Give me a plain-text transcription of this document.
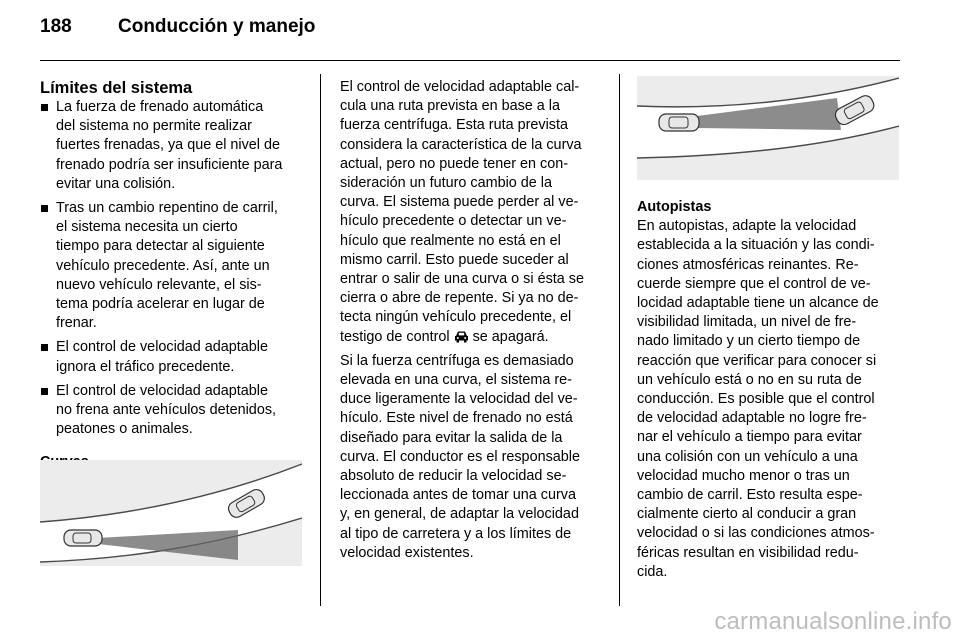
188 Conducción y manejo
Límites del sistema
La fuerza de frenado automática
del sistema no permite realizar
fuertes frenadas, ya que el nivel de
frenado podría ser insuficiente para
evitar una colisión.
Tras un cambio repentino de carril,
el sistema necesita un cierto
tiempo para detectar al siguiente
vehículo precedente. Así, ante un
nuevo vehículo relevante, el sis-
tema podría acelerar en lugar de
frenar.
El control de velocidad adaptable
ignora el tráfico precedente.
El control de velocidad adaptable
no frena ante vehículos detenidos,
peatones o animales.

El control de velocidad adaptable cal-
cula una ruta prevista en base a la
fuerza centrífuga. Esta ruta prevista
considera la característica de la curva
actual, pero no puede tener en con-
sideración un futuro cambio de la
curva. El sistema puede perder al ve-
hículo precedente o detectar un ve-
hículo que realmente no está en el
mismo carril. Esto puede suceder al
entrar o salir de una curva o si ésta se
cierra o abre de repente. Si ya no de-
tecta ningún vehículo precedente, el
testigo de control se apagará.

Si la fuerza centrífuga es demasiado
elevada en una curva, el sistema re-
duce ligeramente la velocidad del ve-
hículo. Este nivel de frenado no está
diseñado para evitar la salida de la
curva. El conductor es el responsable
absoluto de reducir la velocidad se-
leccionada antes de tomar una curva
y, en general, de adaptar la velocidad
al tipo de carretera y a los límites de
velocidad existentes.

Autopistas

En autopistas, adapte la velocidad
establecida a la situación y las condi-
ciones atmosféricas reinantes. Re-
cuerde siempre que el control de ve-
locidad adaptable tiene un alcance de
visibilidad limitada, un nivel de fre-
nado limitado y un cierto tiempo de
reacción que verificar para conocer si
un vehículo está o no en su ruta de
conducción. Es posible que el control
de velocidad adaptable no logre fre-
nar el vehículo a tiempo para evitar
una colisión con un vehículo a una
velocidad mucho menor o tras un
cambio de carril. Esto resulta espe-
cialmente cierto al conducir a gran
velocidad o si las condiciones atmos-
féricas resultan en visibilidad redu-
cida.

carmanualsonline.info
